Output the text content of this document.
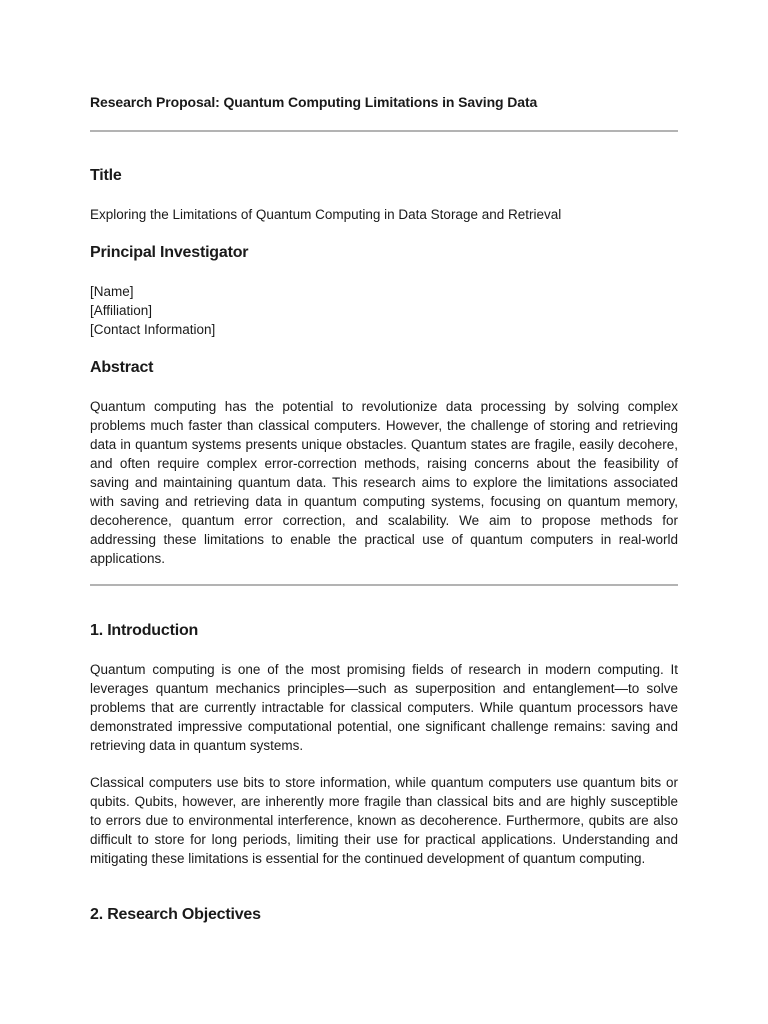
Research Proposal: Quantum Computing Limitations in Saving Data
Title

Exploring the Limitations of Quantum Computing in Data Storage and Retrieval

Principal Investigator
[Name]
[Affiliation]
[Contact Information]
Abstract

Quantum computing has the potential to revolutionize data processing by solving complex problems much faster than classical computers. However, the challenge of storing and retrieving data in quantum systems presents unique obstacles. Quantum states are fragile, easily decohere, and often require complex error-correction methods, raising concerns about the feasibility of saving and maintaining quantum data. This research aims to explore the limitations associated with saving and retrieving data in quantum computing systems, focusing on quantum memory, decoherence, quantum error correction, and scalability. We aim to propose methods for addressing these limitations to enable the practical use of quantum computers in real-world applications.

1. Introduction

Quantum computing is one of the most promising fields of research in modern computing. It leverages quantum mechanics principles—such as superposition and entanglement—to solve problems that are currently intractable for classical computers. While quantum processors have demonstrated impressive computational potential, one significant challenge remains: saving and retrieving data in quantum systems.

Classical computers use bits to store information, while quantum computers use quantum bits or qubits. Qubits, however, are inherently more fragile than classical bits and are highly susceptible to errors due to environmental interference, known as decoherence. Furthermore, qubits are also difficult to store for long periods, limiting their use for practical applications. Understanding and mitigating these limitations is essential for the continued development of quantum computing.

2. Research Objectives
